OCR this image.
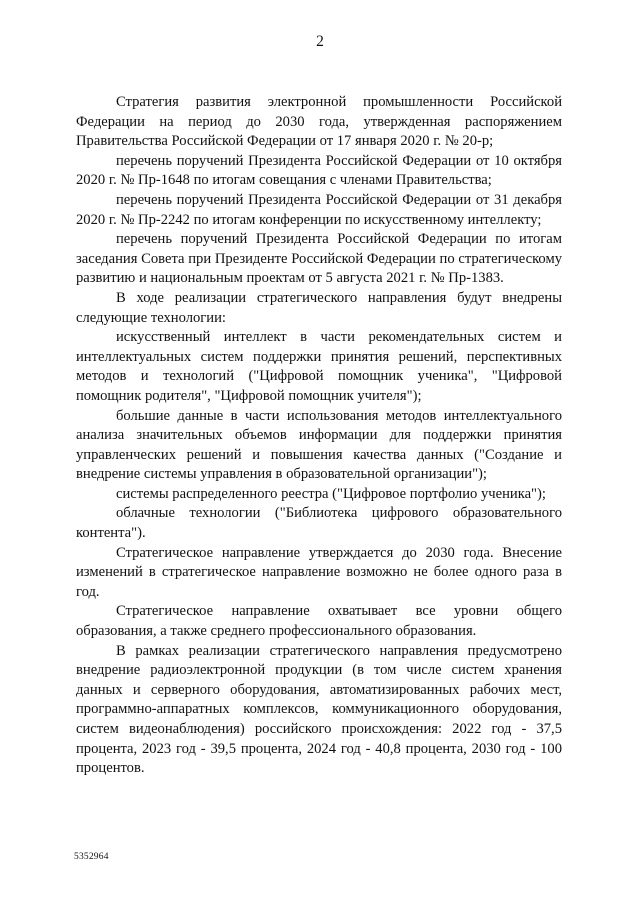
2

Стратегия развития электронной промышленности Российской Федерации на период до 2030 года, утвержденная распоряжением Правительства Российской Федерации от 17 января 2020 г. № 20-р;

перечень поручений Президента Российской Федерации от 10 октября 2020 г. № Пр-1648 по итогам совещания с членами Правительства;

перечень поручений Президента Российской Федерации от 31 декабря 2020 г. № Пр-2242 по итогам конференции по искусственному интеллекту;

перечень поручений Президента Российской Федерации по итогам заседания Совета при Президенте Российской Федерации по стратегическому развитию и национальным проектам от 5 августа 2021 г. № Пр-1383.

В ходе реализации стратегического направления будут внедрены следующие технологии:

искусственный интеллект в части рекомендательных систем и интеллектуальных систем поддержки принятия решений, перспективных методов и технологий ("Цифровой помощник ученика", "Цифровой помощник родителя", "Цифровой помощник учителя");

большие данные в части использования методов интеллектуального анализа значительных объемов информации для поддержки принятия управленческих решений и повышения качества данных ("Создание и внедрение системы управления в образовательной организации");

системы распределенного реестра ("Цифровое портфолио ученика");

облачные технологии ("Библиотека цифрового образовательного контента").

Стратегическое направление утверждается до 2030 года. Внесение изменений в стратегическое направление возможно не более одного раза в год.

Стратегическое направление охватывает все уровни общего образования, а также среднего профессионального образования.

В рамках реализации стратегического направления предусмотрено внедрение радиоэлектронной продукции (в том числе систем хранения данных и серверного оборудования, автоматизированных рабочих мест, программно-аппаратных комплексов, коммуникационного оборудования, систем видеонаблюдения) российского происхождения: 2022 год - 37,5 процента, 2023 год - 39,5 процента, 2024 год - 40,8 процента, 2030 год - 100 процентов.

5352964
